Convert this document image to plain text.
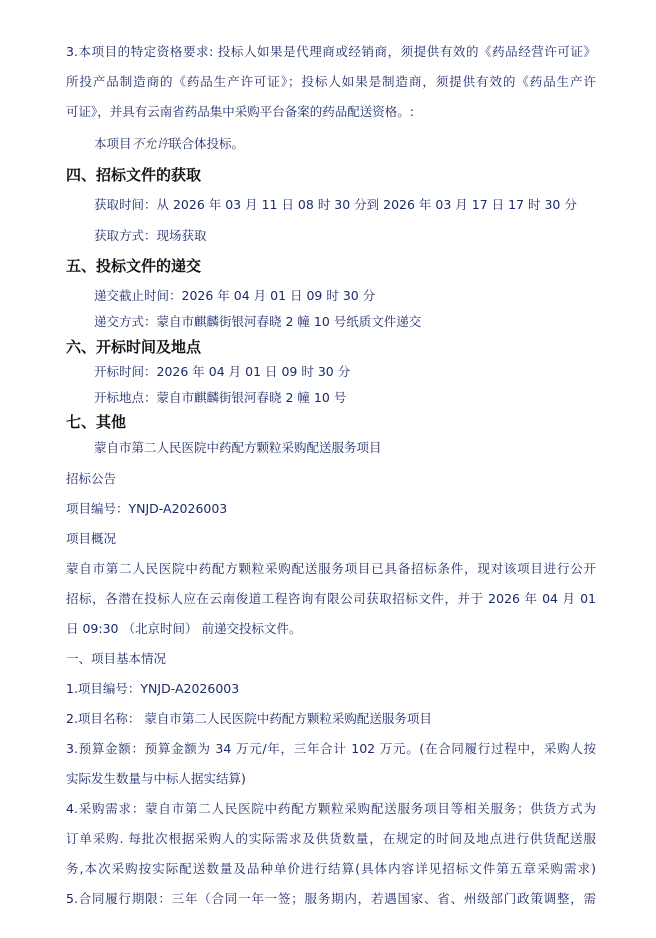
3.本项目的特定资格要求: 投标人如果是代理商或经销商，须提供有效的《药品经营许可证》
所投产品制造商的《药品生产许可证》；投标人如果是制造商，须提供有效的《药品生产许
可证》，并具有云南省药品集中采购平台备案的药品配送资格。:
本项目不允许联合体投标。
四、招标文件的获取
获取时间：从 2026 年 03 月 11 日 08 时 30 分到 2026 年 03 月 17 日 17 时 30 分
获取方式：现场获取
五、投标文件的递交
递交截止时间：2026 年 04 月 01 日 09 时 30 分
递交方式：蒙自市麒麟街银河春晓 2 幢 10 号纸质文件递交
六、开标时间及地点
开标时间：2026 年 04 月 01 日 09 时 30 分
开标地点：蒙自市麒麟街银河春晓 2 幢 10 号
七、其他
蒙自市第二人民医院中药配方颗粒采购配送服务项目
招标公告
项目编号：YNJD-A2026003
项目概况
蒙自市第二人民医院中药配方颗粒采购配送服务项目已具备招标条件，现对该项目进行公开
招标，各潜在投标人应在云南俊道工程咨询有限公司获取招标文件，并于 2026 年 04 月 01
日 09:30 （北京时间） 前递交投标文件。
一、项目基本情况
1.项目编号：YNJD-A2026003
2.项目名称： 蒙自市第二人民医院中药配方颗粒采购配送服务项目
3.预算金额：预算金额为 34 万元/年，三年合计 102 万元。(在合同履行过程中，采购人按
实际发生数量与中标人据实结算)
4.采购需求：蒙自市第二人民医院中药配方颗粒采购配送服务项目等相关服务；供货方式为
订单采购. 每批次根据采购人的实际需求及供货数量，在规定的时间及地点进行供货配送服
务,本次采购按实际配送数量及品种单价进行结算(具体内容详见招标文件第五章采购需求)
5.合同履行期限：三年（合同一年一签；服务期内，若遇国家、省、州级部门政策调整，需
